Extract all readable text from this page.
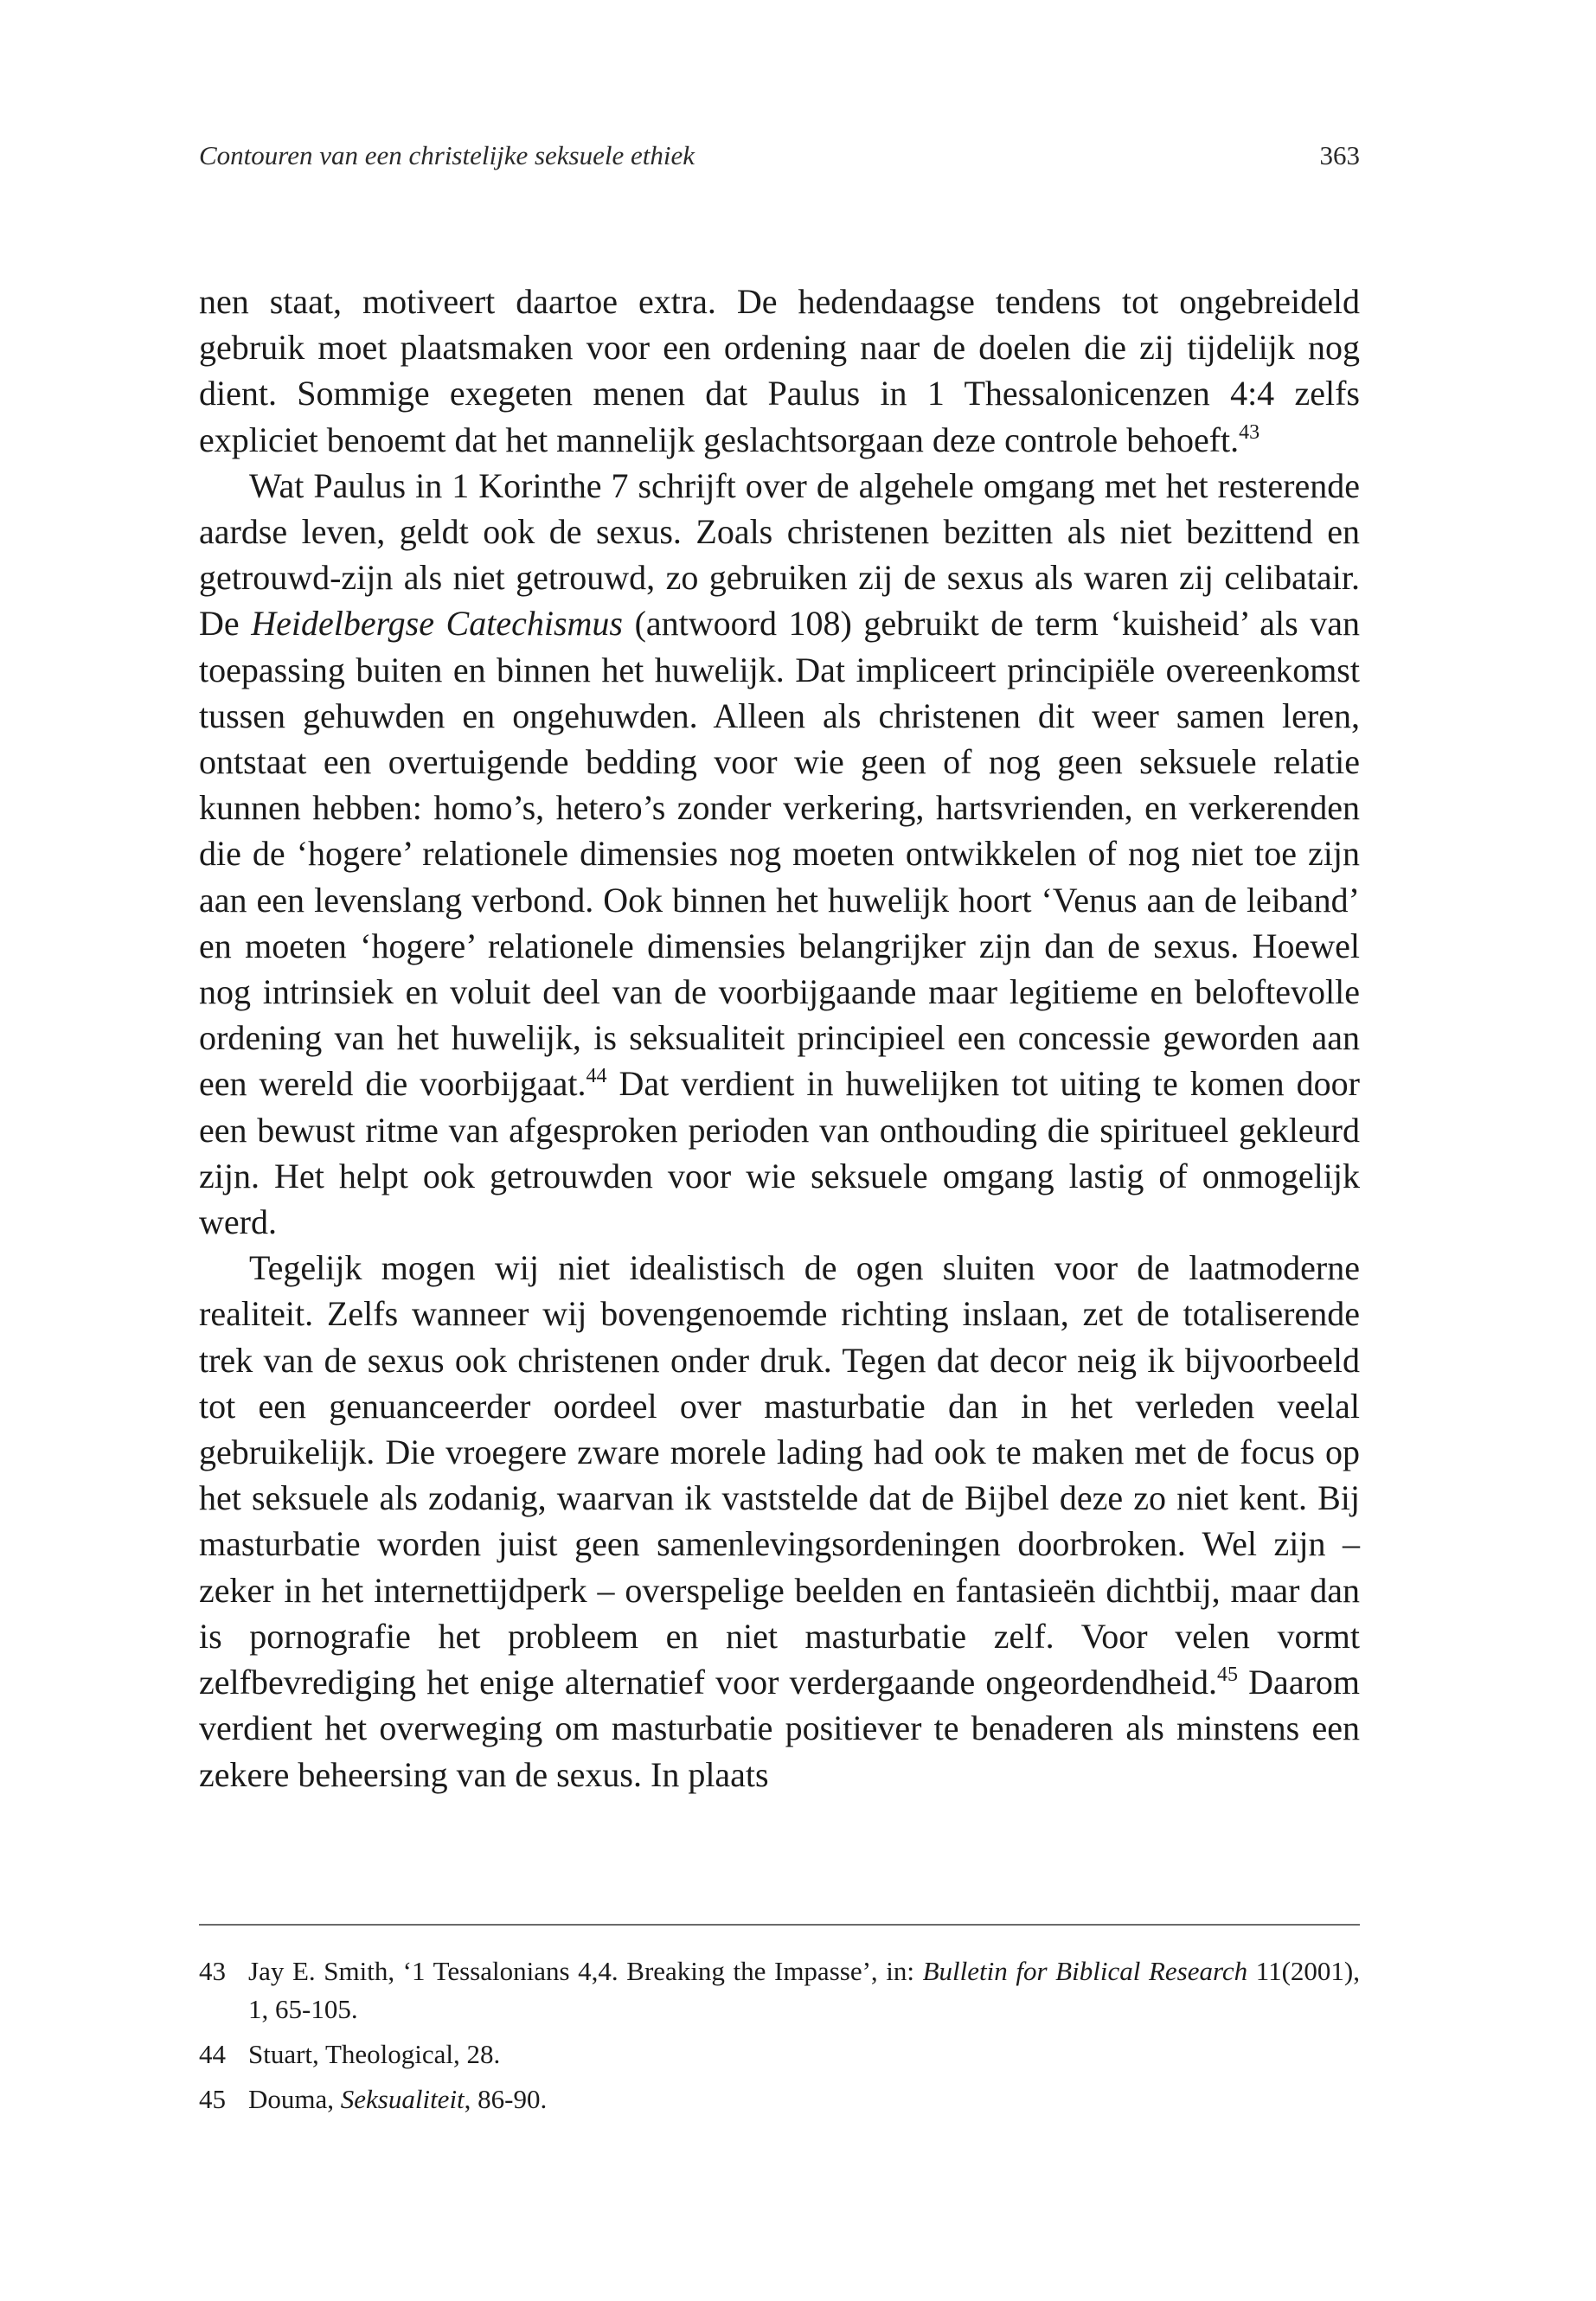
Contouren van een christelijke seksuele ethiek	363

nen staat, motiveert daartoe extra. De hedendaagse tendens tot ongebreideld gebruik moet plaatsmaken voor een ordening naar de doelen die zij tijdelijk nog dient. Sommige exegeten menen dat Paulus in 1 Thessalonicenzen 4:4 zelfs expliciet benoemt dat het mannelijk geslachtsorgaan deze controle behoeft.$^{43}$

Wat Paulus in 1 Korinthe 7 schrijft over de algehele omgang met het resterende aardse leven, geldt ook de sexus. Zoals christenen bezitten als niet bezittend en getrouwd-zijn als niet getrouwd, zo gebruiken zij de sexus als waren zij celibatair. De Heidelbergse Catechismus (antwoord 108) gebruikt de term ‘kuisheid’ als van toepassing buiten en binnen het huwelijk. Dat impliceert principiële overeenkomst tussen gehuwden en ongehuwden. Alleen als christenen dit weer samen leren, ontstaat een overtuigende bedding voor wie geen of nog geen seksuele relatie kunnen hebben: homo’s, hetero’s zonder verkering, hartsvrienden, en verkerenden die de ‘hogere’ relationele dimensies nog moeten ontwikkelen of nog niet toe zijn aan een levenslang verbond. Ook binnen het huwelijk hoort ‘Venus aan de leiband’ en moeten ‘hogere’ relationele dimensies belangrijker zijn dan de sexus. Hoewel nog intrinsiek en voluit deel van de voorbijgaande maar legitieme en beloftevolle ordening van het huwelijk, is seksualiteit principieel een concessie geworden aan een wereld die voorbijgaat.$^{44}$ Dat verdient in huwelijken tot uiting te komen door een bewust ritme van afgesproken perioden van onthouding die spiritueel gekleurd zijn. Het helpt ook getrouwden voor wie seksuele omgang lastig of onmogelijk werd.

Tegelijk mogen wij niet idealistisch de ogen sluiten voor de laatmoderne realiteit. Zelfs wanneer wij bovengenoemde richting inslaan, zet de totaliserende trek van de sexus ook christenen onder druk. Tegen dat decor neig ik bijvoorbeeld tot een genuanceerder oordeel over masturbatie dan in het verleden veelal gebruikelijk. Die vroegere zware morele lading had ook te maken met de focus op het seksuele als zodanig, waarvan ik vaststelde dat de Bijbel deze zo niet kent. Bij masturbatie worden juist geen samenlevingsordeningen doorbroken. Wel zijn – zeker in het internettijdperk – overspelige beelden en fantasieën dichtbij, maar dan is pornografie het probleem en niet masturbatie zelf. Voor velen vormt zelfbevrediging het enige alternatief voor verdergaande ongeordendheid.$^{45}$ Daarom verdient het overweging om masturbatie positiever te benaderen als minstens een zekere beheersing van de sexus. In plaats

43 Jay E. Smith, ‘1 Tessalonians 4,4. Breaking the Impasse’, in: Bulletin for Biblical Research 11(2001), 1, 65-105.
44 Stuart, Theological, 28.
45 Douma, Seksualiteit, 86-90.
